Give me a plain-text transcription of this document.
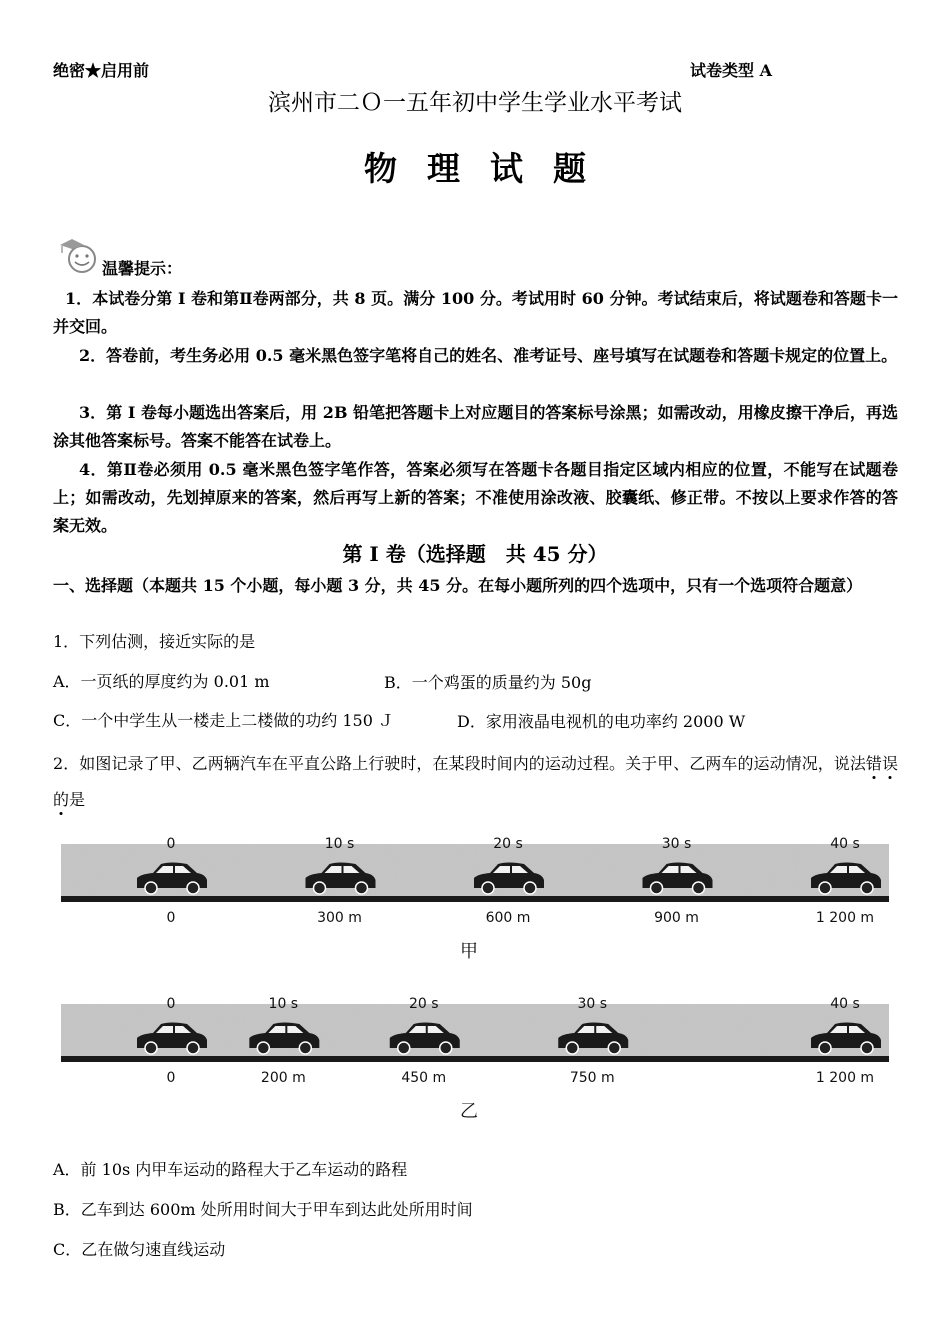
绝密★启用前	试卷类型 A
滨州市二Ｏ一五年初中学生学业水平考试
物理试题
温馨提示：
1．本试卷分第 I 卷和第Ⅱ卷两部分，共 8 页。满分 100 分。考试用时 60 分钟。考试结束后，将试题卷和答题卡一并交回。
2．答卷前，考生务必用 0.5 毫米黑色签字笔将自己的姓名、准考证号、座号填写在试题卷和答题卡规定的位置上。
3．第 I 卷每小题选出答案后，用 2B 铅笔把答题卡上对应题目的答案标号涂黑；如需改动，用橡皮擦干净后，再选涂其他答案标号。答案不能答在试卷上。
4．第Ⅱ卷必须用 0.5 毫米黑色签字笔作答，答案必须写在答题卡各题目指定区域内相应的位置，不能写在试题卷上；如需改动，先划掉原来的答案，然后再写上新的答案；不准使用涂改液、胶囊纸、修正带。不按以上要求作答的答案无效。
第 I 卷（选择题　共 45 分）
一、选择题（本题共 15 个小题，每小题 3 分，共 45 分。在每小题所列的四个选项中，只有一个选项符合题意）
1．下列估测，接近实际的是
A．一页纸的厚度约为 0.01 m	B．一个鸡蛋的质量约为 50g
C．一个中学生从一楼走上二楼做的功约 150 Ｊ	D．家用液晶电视机的电功率约 2000 W
2．如图记录了甲、乙两辆汽车在平直公路上行驶时，在某段时间内的运动过程。关于甲、乙两车的运动情况，说法错
误
的
是
0
0
10 s
300 m
20 s
600 m
30 s
900 m
40 s
1 200 m
甲
0
0
10 s
200 m
20 s
450 m
30 s
750 m
40 s
1 200 m
乙
A．前 10s 内甲车运动的路程大于乙车运动的路程
B．乙车到达 600m 处所用时间大于甲车到达此处所用时间
C．乙在做匀速直线运动
